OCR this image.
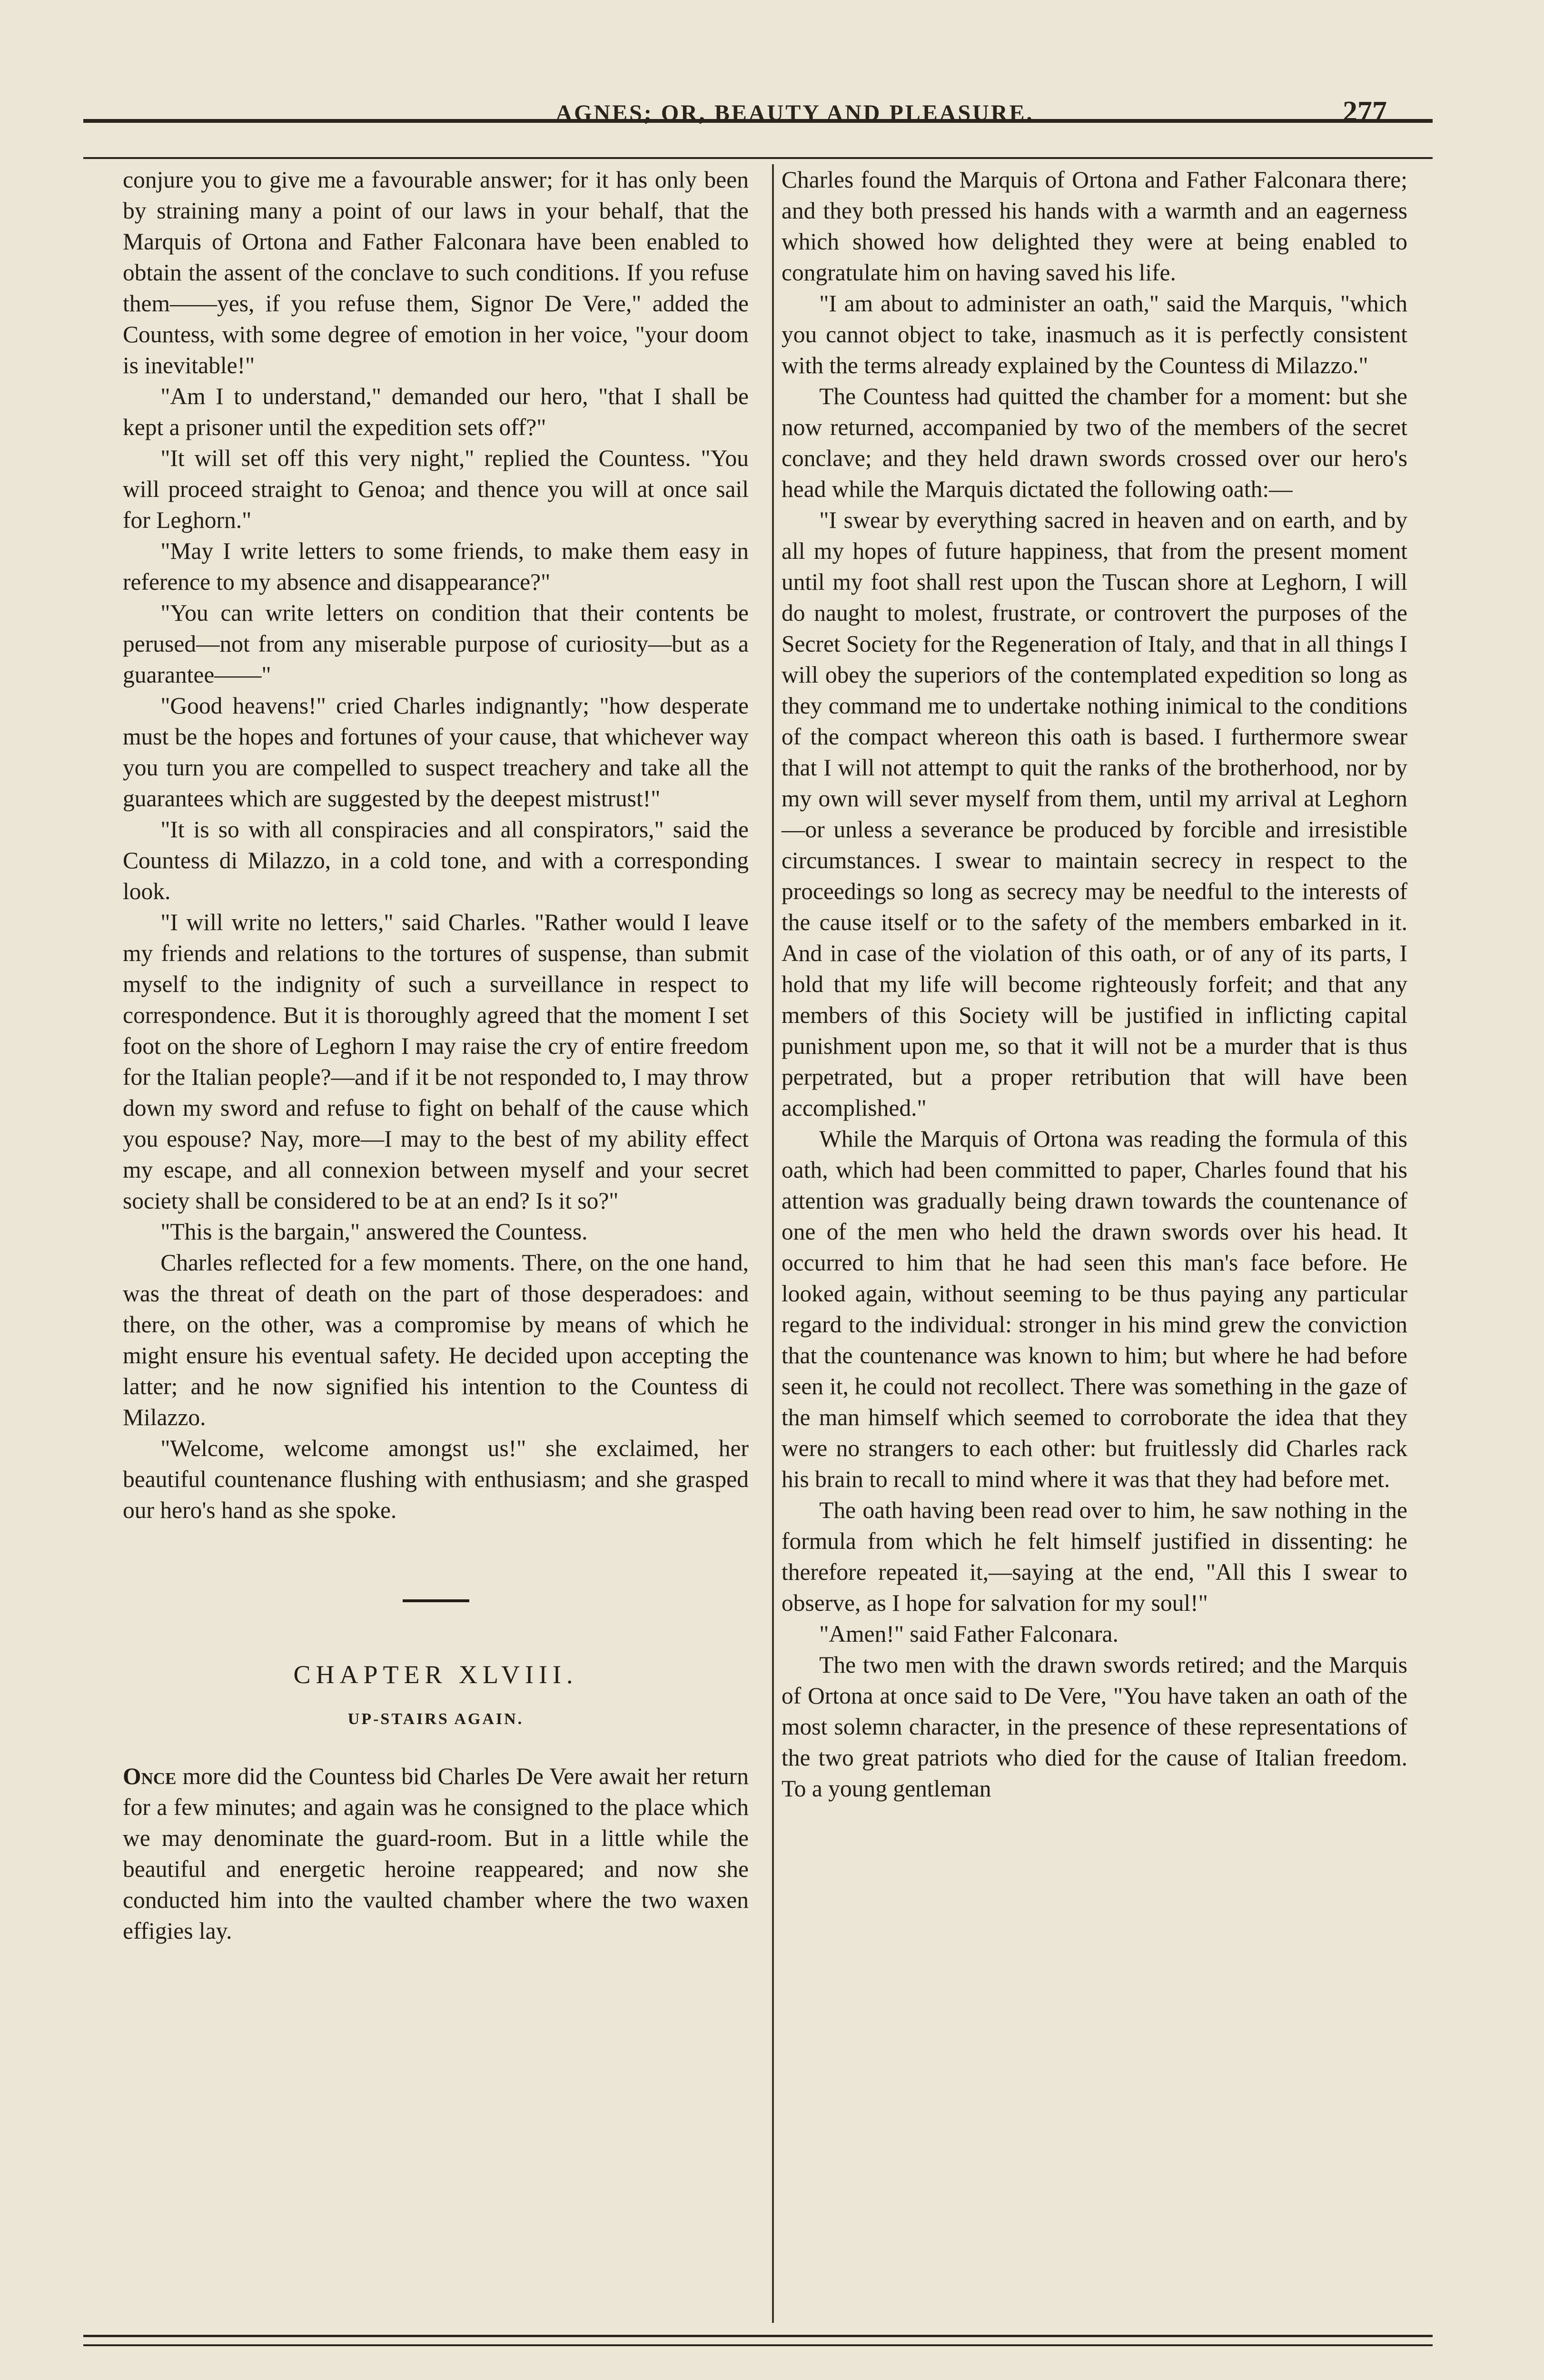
AGNES; OR, BEAUTY AND PLEASURE.	277

conjure you to give me a favourable answer; for it has only been by straining many a point of our laws in your behalf, that the Marquis of Ortona and Father Falconara have been enabled to obtain the assent of the conclave to such conditions. If you refuse them——yes, if you refuse them, Signor De Vere," added the Countess, with some degree of emotion in her voice, "your doom is inevitable!"

"Am I to understand," demanded our hero, "that I shall be kept a prisoner until the expedition sets off?"

"It will set off this very night," replied the Countess. "You will proceed straight to Genoa; and thence you will at once sail for Leghorn."

"May I write letters to some friends, to make them easy in reference to my absence and disappearance?"

"You can write letters on condition that their contents be perused—not from any miserable purpose of curiosity—but as a guarantee——"

"Good heavens!" cried Charles indignantly; "how desperate must be the hopes and fortunes of your cause, that whichever way you turn you are compelled to suspect treachery and take all the guarantees which are suggested by the deepest mistrust!"

"It is so with all conspiracies and all conspirators," said the Countess di Milazzo, in a cold tone, and with a corresponding look.

"I will write no letters," said Charles. "Rather would I leave my friends and relations to the tortures of suspense, than submit myself to the indignity of such a surveillance in respect to correspondence. But it is thoroughly agreed that the moment I set foot on the shore of Leghorn I may raise the cry of entire freedom for the Italian people?—and if it be not responded to, I may throw down my sword and refuse to fight on behalf of the cause which you espouse? Nay, more—I may to the best of my ability effect my escape, and all connexion between myself and your secret society shall be considered to be at an end? Is it so?"

"This is the bargain," answered the Countess.

Charles reflected for a few moments. There, on the one hand, was the threat of death on the part of those desperadoes: and there, on the other, was a compromise by means of which he might ensure his eventual safety. He decided upon accepting the latter; and he now signified his intention to the Countess di Milazzo.

"Welcome, welcome amongst us!" she exclaimed, her beautiful countenance flushing with enthusiasm; and she grasped our hero's hand as she spoke.

CHAPTER XLVIII.
UP-STAIRS AGAIN.

Once more did the Countess bid Charles De Vere await her return for a few minutes; and again was he consigned to the place which we may denominate the guard-room. But in a little while the beautiful and energetic heroine reappeared; and now she conducted him into the vaulted chamber where the two waxen effigies lay.

Charles found the Marquis of Ortona and Father Falconara there; and they both pressed his hands with a warmth and an eagerness which showed how delighted they were at being enabled to congratulate him on having saved his life.

"I am about to administer an oath," said the Marquis, "which you cannot object to take, inasmuch as it is perfectly consistent with the terms already explained by the Countess di Milazzo."

The Countess had quitted the chamber for a moment: but she now returned, accompanied by two of the members of the secret conclave; and they held drawn swords crossed over our hero's head while the Marquis dictated the following oath:—

"I swear by everything sacred in heaven and on earth, and by all my hopes of future happiness, that from the present moment until my foot shall rest upon the Tuscan shore at Leghorn, I will do naught to molest, frustrate, or controvert the purposes of the Secret Society for the Regeneration of Italy, and that in all things I will obey the superiors of the contemplated expedition so long as they command me to undertake nothing inimical to the conditions of the compact whereon this oath is based. I furthermore swear that I will not attempt to quit the ranks of the brotherhood, nor by my own will sever myself from them, until my arrival at Leghorn—or unless a severance be produced by forcible and irresistible circumstances. I swear to maintain secrecy in respect to the proceedings so long as secrecy may be needful to the interests of the cause itself or to the safety of the members embarked in it. And in case of the violation of this oath, or of any of its parts, I hold that my life will become righteously forfeit; and that any members of this Society will be justified in inflicting capital punishment upon me, so that it will not be a murder that is thus perpetrated, but a proper retribution that will have been accomplished."

While the Marquis of Ortona was reading the formula of this oath, which had been committed to paper, Charles found that his attention was gradually being drawn towards the countenance of one of the men who held the drawn swords over his head. It occurred to him that he had seen this man's face before. He looked again, without seeming to be thus paying any particular regard to the individual: stronger in his mind grew the conviction that the countenance was known to him; but where he had before seen it, he could not recollect. There was something in the gaze of the man himself which seemed to corroborate the idea that they were no strangers to each other: but fruitlessly did Charles rack his brain to recall to mind where it was that they had before met.

The oath having been read over to him, he saw nothing in the formula from which he felt himself justified in dissenting: he therefore repeated it,—saying at the end, "All this I swear to observe, as I hope for salvation for my soul!"

"Amen!" said Father Falconara.

The two men with the drawn swords retired; and the Marquis of Ortona at once said to De Vere, "You have taken an oath of the most solemn character, in the presence of these representations of the two great patriots who died for the cause of Italian freedom. To a young gentleman
